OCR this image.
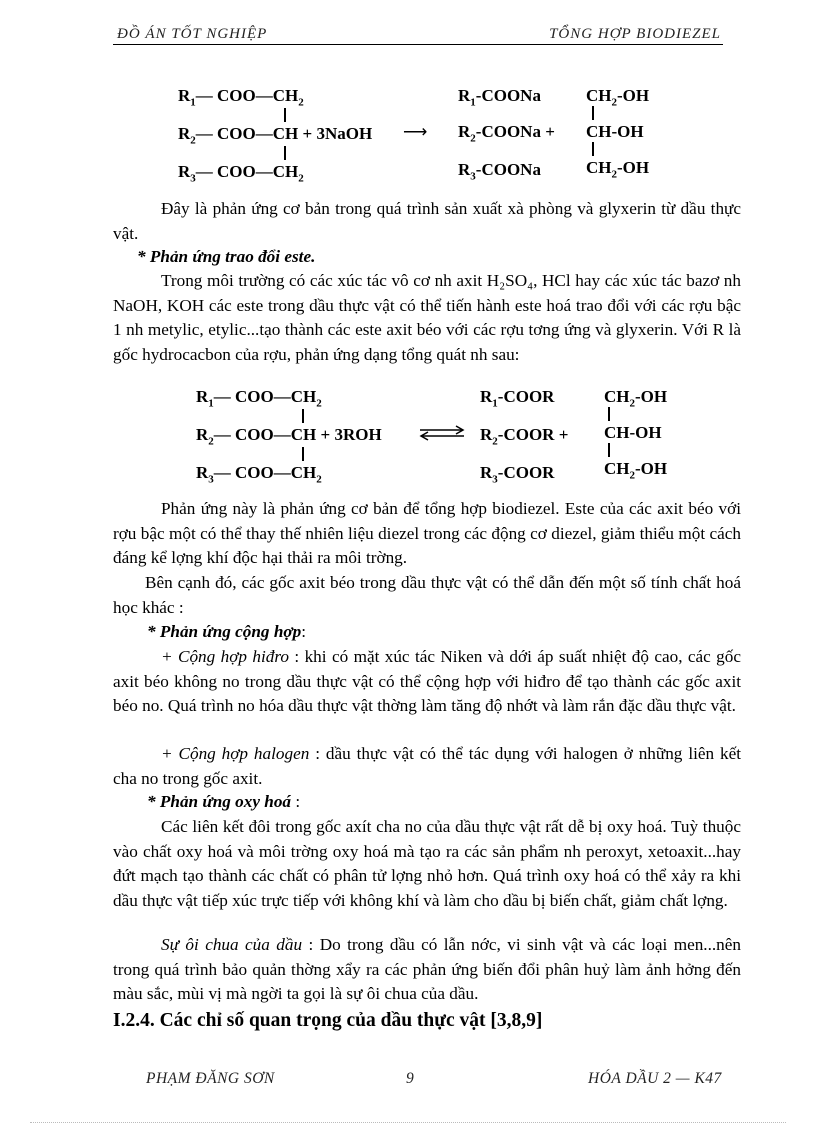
ĐỒ ÁN TỐT NGHIỆP	TỔNG HỢP BIODIEZEL
$R_1—$ $COO—CH_2$
$R_2—$ COO—CH + 3NaOH ⟶
$R_3—$ $COO—CH_2$
$R_1$-COONa
$R_2$-COONa +
$R_3$-COONa
$CH_2-OH$
CH-OH
$CH_2-OH$
Đây là phản ứng cơ bản trong quá trình sản xuất xà phòng và glyxerin từ dầu thực vật.
* Phản ứng trao đổi este.
Trong môi trường có các xúc tác vô cơ nh axit H₂SO₄, HCl hay các xúc tác bazơ nh NaOH, KOH các este trong dầu thực vật có thể tiến hành este hoá trao đổi với các rợu bậc 1 nh metylic, etylic...tạo thành các este axit béo với các rợu tơng ứng và glyxerin. Với R là gốc hydrocacbon của rợu, phản ứng dạng tổng quát nh sau:
$R_1—$ $COO—CH_2$
$R_2—$ COO—CH + 3ROH
$R_3—$ $COO—CH_2$
$R_1$-COOR
$R_2$-COOR +
$R_3$-COOR
$CH_2-OH$
CH-OH
$CH_2-OH$
Phản ứng này là phản ứng cơ bản để tổng hợp biodiezel. Este của các axit béo với rợu bậc một có thể thay thế nhiên liệu diezel trong các động cơ diezel, giảm thiểu một cách đáng kể lợng khí độc hại thải ra môi trờng.
Bên cạnh đó, các gốc axit béo trong dầu thực vật có thể dẫn đến một số tính chất hoá học khác :
* Phản ứng cộng hợp:
+ Cộng hợp hiđro : khi có mặt xúc tác Niken và dới áp suất nhiệt độ cao, các gốc axit béo không no trong dầu thực vật có thể cộng hợp với hiđro để tạo thành các gốc axit béo no. Quá trình no hóa dầu thực vật thờng làm tăng độ nhớt và làm rắn đặc dầu thực vật.
+ Cộng hợp halogen : dầu thực vật có thể tác dụng với halogen ở những liên kết cha no trong gốc axit.
* Phản ứng oxy hoá :
Các liên kết đôi trong gốc axít cha no của dầu thực vật rất dễ bị oxy hoá. Tuỳ thuộc vào chất oxy hoá và môi trờng oxy hoá mà tạo ra các sản phẩm nh peroxyt, xetoaxit...hay đứt mạch tạo thành các chất có phân tử lợng nhỏ hơn. Quá trình oxy hoá có thể xảy ra khi dầu thực vật tiếp xúc trực tiếp với không khí và làm cho dầu bị biến chất, giảm chất lợng.
Sự ôi chua của dầu : Do trong dầu có lẫn nớc, vi sinh vật và các loại men...nên trong quá trình bảo quản thờng xẩy ra các phản ứng biến đổi phân huỷ làm ảnh hởng đến màu sắc, mùi vị mà ngời ta gọi là sự ôi chua của dầu.
I.2.4. Các chỉ số quan trọng của dầu thực vật [3,8,9]
PHẠM ĐĂNG SƠN	9	HÓA DẦU 2 — K47
